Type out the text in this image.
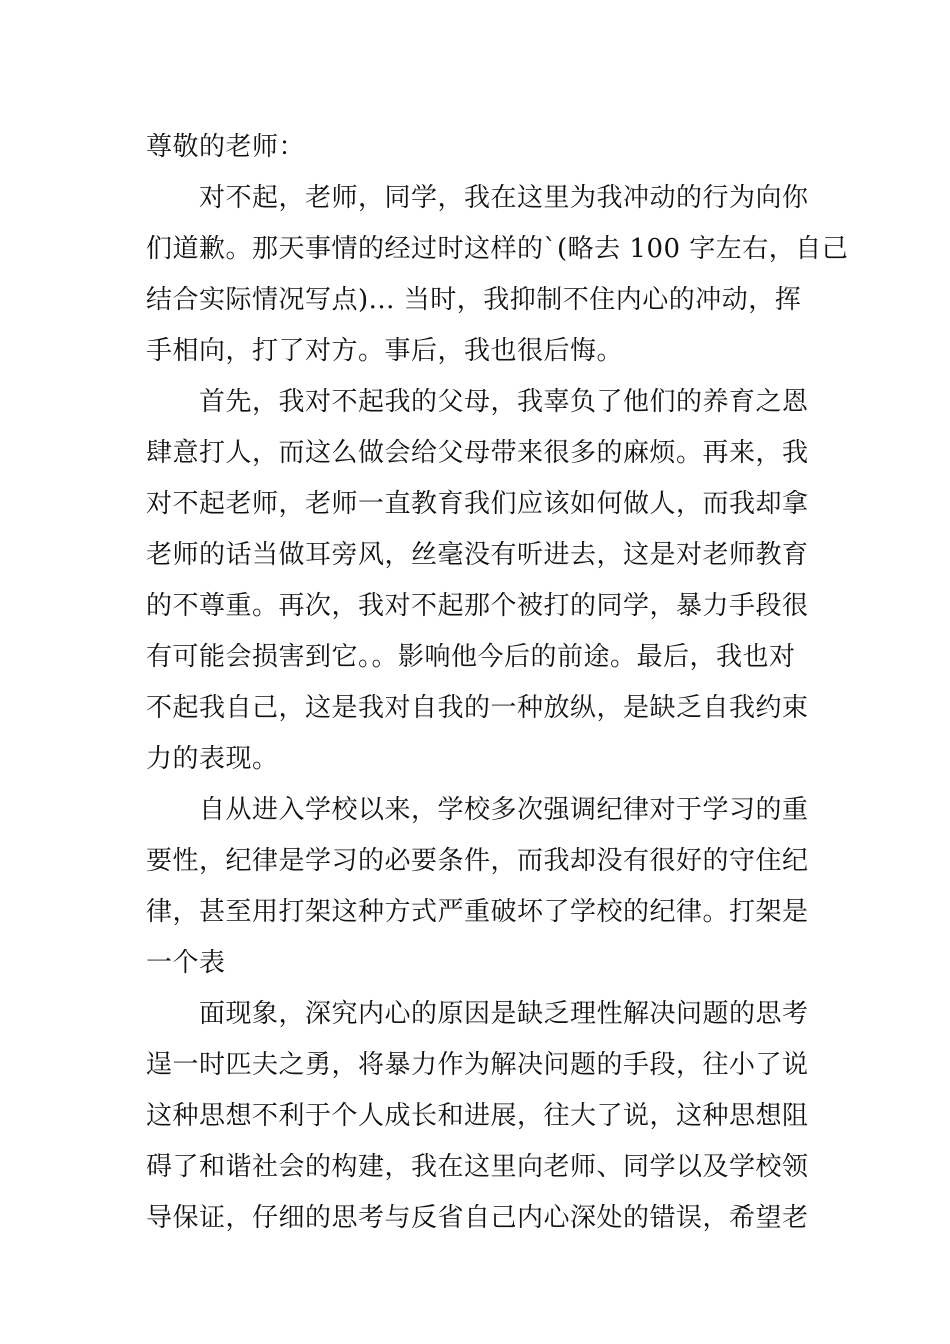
尊敬的老师：
对不起，老师，同学，我在这里为我冲动的行为向你
们道歉。那天事情的经过时这样的`(略去 100 字左右，自己
结合实际情况写点)... 当时，我抑制不住内心的冲动，挥
手相向，打了对方。事后，我也很后悔。
首先，我对不起我的父母，我辜负了他们的养育之恩
肆意打人，而这么做会给父母带来很多的麻烦。再来，我
对不起老师，老师一直教育我们应该如何做人，而我却拿
老师的话当做耳旁风，丝毫没有听进去，这是对老师教育
的不尊重。再次，我对不起那个被打的同学，暴力手段很
有可能会损害到它。。影响他今后的前途。最后，我也对
不起我自己，这是我对自我的一种放纵，是缺乏自我约束
力的表现。
自从进入学校以来，学校多次强调纪律对于学习的重
要性，纪律是学习的必要条件，而我却没有很好的守住纪
律，甚至用打架这种方式严重破坏了学校的纪律。打架是
一个表
面现象，深究内心的原因是缺乏理性解决问题的思考
逞一时匹夫之勇，将暴力作为解决问题的手段，往小了说
这种思想不利于个人成长和进展，往大了说，这种思想阻
碍了和谐社会的构建，我在这里向老师、同学以及学校领
导保证，仔细的思考与反省自己内心深处的错误，希望老
